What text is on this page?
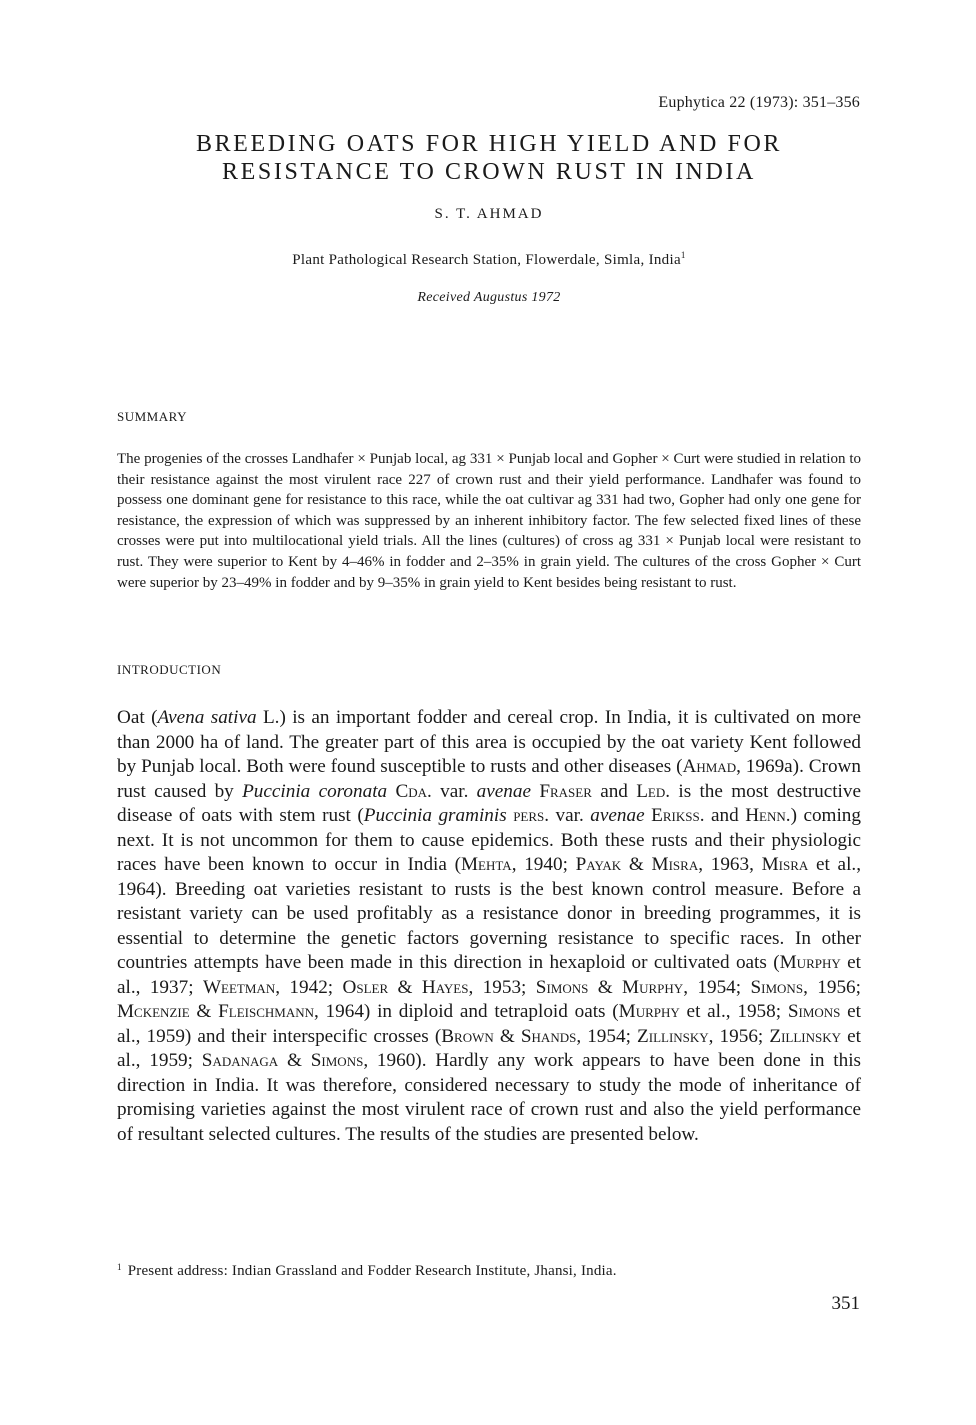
Euphytica 22 (1973): 351–356
BREEDING OATS FOR HIGH YIELD AND FOR RESISTANCE TO CROWN RUST IN INDIA
S. T. AHMAD
Plant Pathological Research Station, Flowerdale, Simla, India$^1$
Received Augustus 1972
SUMMARY

The progenies of the crosses Landhafer × Punjab local, ag 331 × Punjab local and Gopher × Curt were studied in relation to their resistance against the most virulent race 227 of crown rust and their yield performance. Landhafer was found to possess one dominant gene for resistance to this race, while the oat cultivar ag 331 had two, Gopher had only one gene for resistance, the expression of which was suppressed by an inherent inhibitory factor. The few selected fixed lines of these crosses were put into multilocational yield trials. All the lines (cultures) of cross ag 331 × Punjab local were resistant to rust. They were superior to Kent by 4–46% in fodder and 2–35% in grain yield. The cultures of the cross Gopher × Curt were superior by 23–49% in fodder and by 9–35% in grain yield to Kent besides being resistant to rust.

INTRODUCTION

Oat (Avena sativa L.) is an important fodder and cereal crop. In India, it is cultivated on more than 2000 ha of land. The greater part of this area is occupied by the oat variety Kent followed by Punjab local. Both were found susceptible to rusts and other diseases (Ahmad, 1969a). Crown rust caused by Puccinia coronata Cda. var. avenae Fraser and Led. is the most destructive disease of oats with stem rust (Puccinia graminis pers. var. avenae Erikss. and Henn.) coming next. It is not uncommon for them to cause epidemics. Both these rusts and their physiologic races have been known to occur in India (Mehta, 1940; Payak & Misra, 1963, Misra et al., 1964). Breeding oat varieties resistant to rusts is the best known control measure. Before a resistant variety can be used profitably as a resistance donor in breeding programmes, it is essential to determine the genetic factors governing resistance to specific races. In other countries attempts have been made in this direction in hexaploid or cultivated oats (Murphy et al., 1937; Weetman, 1942; Osler & Hayes, 1953; Simons & Murphy, 1954; Simons, 1956; Mckenzie & Fleischmann, 1964) in diploid and tetraploid oats (Murphy et al., 1958; Simons et al., 1959) and their interspecific crosses (Brown & Shands, 1954; Zillinsky, 1956; Zillinsky et al., 1959; Sadanaga & Simons, 1960). Hardly any work appears to have been done in this direction in India. It was therefore, considered necessary to study the mode of inheritance of promising varieties against the most virulent race of crown rust and also the yield performance of resultant selected cultures. The results of the studies are presented below.

$^1$ Present address: Indian Grassland and Fodder Research Institute, Jhansi, India.
351
